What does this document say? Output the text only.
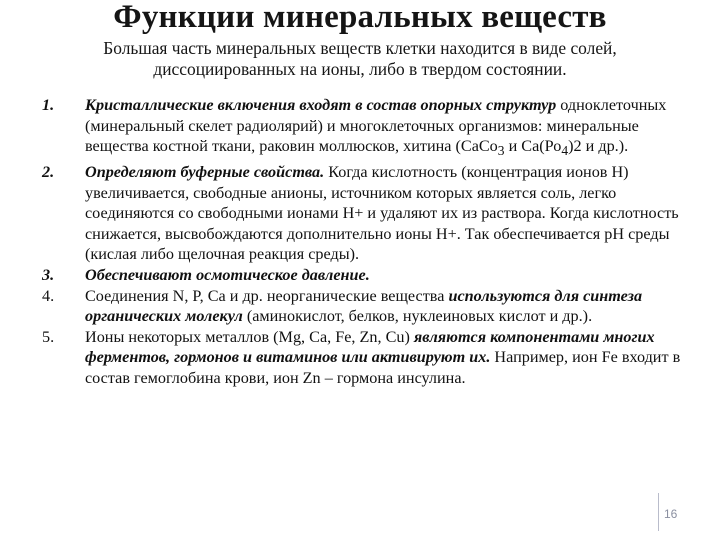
Функции минеральных веществ
Большая часть минеральных веществ клетки находится в виде солей,
диссоциированных на ионы, либо в твердом состоянии.
1.	Кристаллические включения входят в состав опорных структур одноклеточных (минеральный скелет радиолярий) и многоклеточных организмов: минеральные вещества костной ткани, раковин моллюсков, хитина (СаСо$_3$ и $Са(Ро_4)2$ и др.).
2.	Определяют буферные свойства. Когда кислотность (концентрация ионов Н) увеличивается, свободные анионы, источником которых является соль, легко соединяются со свободными ионами Н+ и удаляют их из раствора. Когда кислотность снижается, высвобождаются дополнительно ионы Н+. Так обеспечивается рН среды (кислая либо щелочная реакция среды).
3.	Обеспечивают осмотическое давление.
4.	Соединения N, P, Ca и др. неорганические вещества используются для синтеза органических молекул (аминокислот, белков, нуклеиновых кислот и др.).
5.	Ионы некоторых металлов (Mg, Ca, Fe, Zn, Cu) являются компонентами многих ферментов, гормонов и витаминов или активируют их. Например, ион Fe входит в состав гемоглобина крови, ион Zn – гормона инсулина.
16
